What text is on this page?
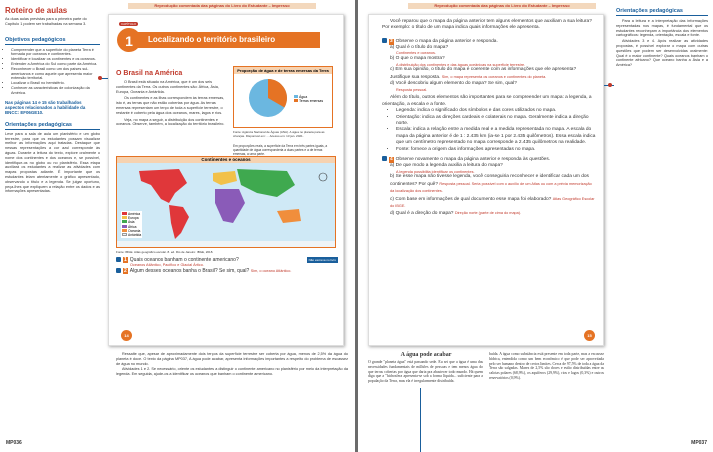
Reprodução comentada das páginas do Livro do Estudante – Impresso	Reprodução comentada das páginas do Livro do Estudante – Impresso
Roteiro de aulas
As duas aulas previstas para a primeira parte do Capítulo 1 podem ser trabalhadas na semana 3.
Objetivos pedagógicos
• Compreender que a superfície do planeta Terra é formada por oceanos e continentes.
• Identificar e localizar os continentes e os oceanos.
• Entender a América do Sul como parte da América.
• Reconhecer o Brasil como um dos países sul-americanos e como aquele que apresenta maior extensão territorial.
• Localizar o Brasil no hemisfério.
• Conhecer as características de colonização da América.
Nas páginas 14 e 15 são trabalhados aspectos relacionados a habilidade da BNCC: EF06GE10.
Orientações pedagógicas
Leve para a sala de aula um planisfério e um globo terrestre, para que os estudantes possam visualizar melhor as informações aqui tratadas. Destaque que nessas representações a cor azul corresponde às águas. Durante a leitura do texto, explore oralmente o nome dos continentes e dos oceanos e, se possível, identifique-os no globo ou no planisfério. Essa etapa auxiliará os estudantes a realizar as atividades com mapas propostas adiante. É importante que os estudantes leiam atentamente o gráfico apresentado, observando o título e a legenda. Se julgar oportuno, peça-lhes que expliquem a relação entre os dados e as informações apresentadas.
Localizando o território brasileiro
1
CAPÍTULO
O Brasil na América
O Brasil está situado na América, que é um dos seis continentes da Terra. Os outros continentes são: África, Ásia, Europa, Oceania e Antártida.
Os continentes e as ilhas correspondem às terras emersas, isto é, as terras que não estão cobertas por água. As terras emersas representam um terço de toda a superfície terrestre, o restante é coberto pela água dos oceanos, mares, lagos e rios.
Veja, no mapa a seguir, a distribuição dos continentes e oceanos. Observe, também, a localização do território brasileiro.
Proporção de água e de terras emersas da Terra
Água
Terras emersas
Fonte: Agência Nacional de Águas (ANA). A água no planeta para as crianças. Disponível em: ... Acesso em: 13 jan. 2021.
Em proporções reais, a superfície da Terra em três partes iguais, a quantidade de água corresponderia a duas partes e a de terras emersas, a uma parte.
Continentes e oceanos
América
Europa
Ásia
África
Oceania
Antártida
Fonte: IBGE. Atlas geográfico escolar. 8. ed. Rio de Janeiro: IBGE, 2018.
1 Quais oceanos banham o continente americano?	Não escreva no livro
Oceanos Atlântico, Pacífico e Glacial Ártico.
2 Algum desses oceanos banha o Brasil? Se sim, qual? Sim, o oceano Atlântico.
14
Você reparou que o mapa da página anterior tem alguns elementos que auxiliam a sua leitura? Por exemplo: o título de um mapa indica quais informações ele apresenta.
3 Observe o mapa da página anterior e responda.
a) Qual é o título do mapa?
Continentes e oceanos.
b) O que o mapa mostra?
A distribuição dos continentes e das águas oceânicas na superfície terrestre.
c) Em sua opinião, o título do mapa é coerente com as informações que ele apresenta? Justifique sua resposta. Sim, o mapa representa os oceanos e continentes do planeta.
d) Você descobriu algum elemento do mapa? Se sim, qual?
Resposta pessoal.
Além do título, outros elementos são importantes para se compreender um mapa: a legenda, a orientação, a escala e a fonte.
• Legenda: indica o significado dos símbolos e das cores utilizados no mapa.
• Orientação: indica as direções cardeais e colaterais no mapa. Geralmente indica a direção norte.
• Escala: indica a relação entre a medida real e a medida representada no mapa. A escala do mapa da página anterior é de 1 : 2.435 km (ia-se 1 por 2.435 quilômetros). Essa escala indica que um centímetro representado no mapa corresponde a 2.435 quilômetros na realidade.
• Fonte: fornece a origem das informações apresentadas no mapa.
4 Observe novamente o mapa da página anterior e responda às questões.
a) De que modo a legenda auxilia a leitura do mapa?
A legenda possibilita identificar os continentes.
b) Se esse mapa não tivesse legenda, você conseguiria reconhecer e identificar cada um dos continentes? Por quê? Resposta pessoal. Seria possível com o auxílio de um Atlas ou com a prévia memorização da localização dos continentes.
c) Com base em informações de qual documento esse mapa foi elaborado? Atlas Geográfico Escolar do IBGE.
d) Qual é a direção do mapa? Direção norte (parte de cima do mapa).
15
Orientações pedagógicas
Para a leitura e a interpretação das informações representadas nos mapas, é fundamental que os estudantes reconheçam a importância dos elementos cartográficos: legenda, orientação, escala e fonte.
Atividades 3 e 4. Após realizar as atividades propostas, é possível explorar o mapa com outras questões que podem ser desenvolvidas oralmente: Qual é o maior continente? Quais oceanos banham o continente africano? Que oceano banha a Ásia e a América?
Ressalte que, apesar de aproximadamente dois terços da superfície terrestre ser coberta por água, menos de 2,5% da água do planeta é doce. O texto da página MP037, A água pode acabar, apresenta informações importantes a respeito do problema de escassez de água no mundo.
Atividades 1 e 2. Se necessário, oriente os estudantes a distinguir o continente americano no planisfério por meio da interpretação da legenda. Em seguida, ajude-os a identificar os oceanos que banham o continente americano.
A água pode acabar
O grande "planeta água" está passando sede. Eu sei que a água é uma das necessidades fundamentais de milhões de pessoas e tem menos água do que terras cobertas por água que daria pra abastecer todo mundo. Há quem diga que a "hidrosfera apresenta-se sob a forma líquida... suficiente para a população da Terra, mas ela é irregularmente distribuída.
buída. A água como substância está presente em toda parte, mas a escassez hídrica, entendida como um bem econômico é que pode ser aproveitada pelo ser humano dentro de certos limites. Cerca de 97,5% de toda a água da Terra são salgadas. Mares de 2,5% são doces e estão distribuídas entre as calotas polares (68,9%), os aquíferos (29,9%), rios e lagos (0,3%) e outros reservatórios (0,9%).
MP036	MP037
